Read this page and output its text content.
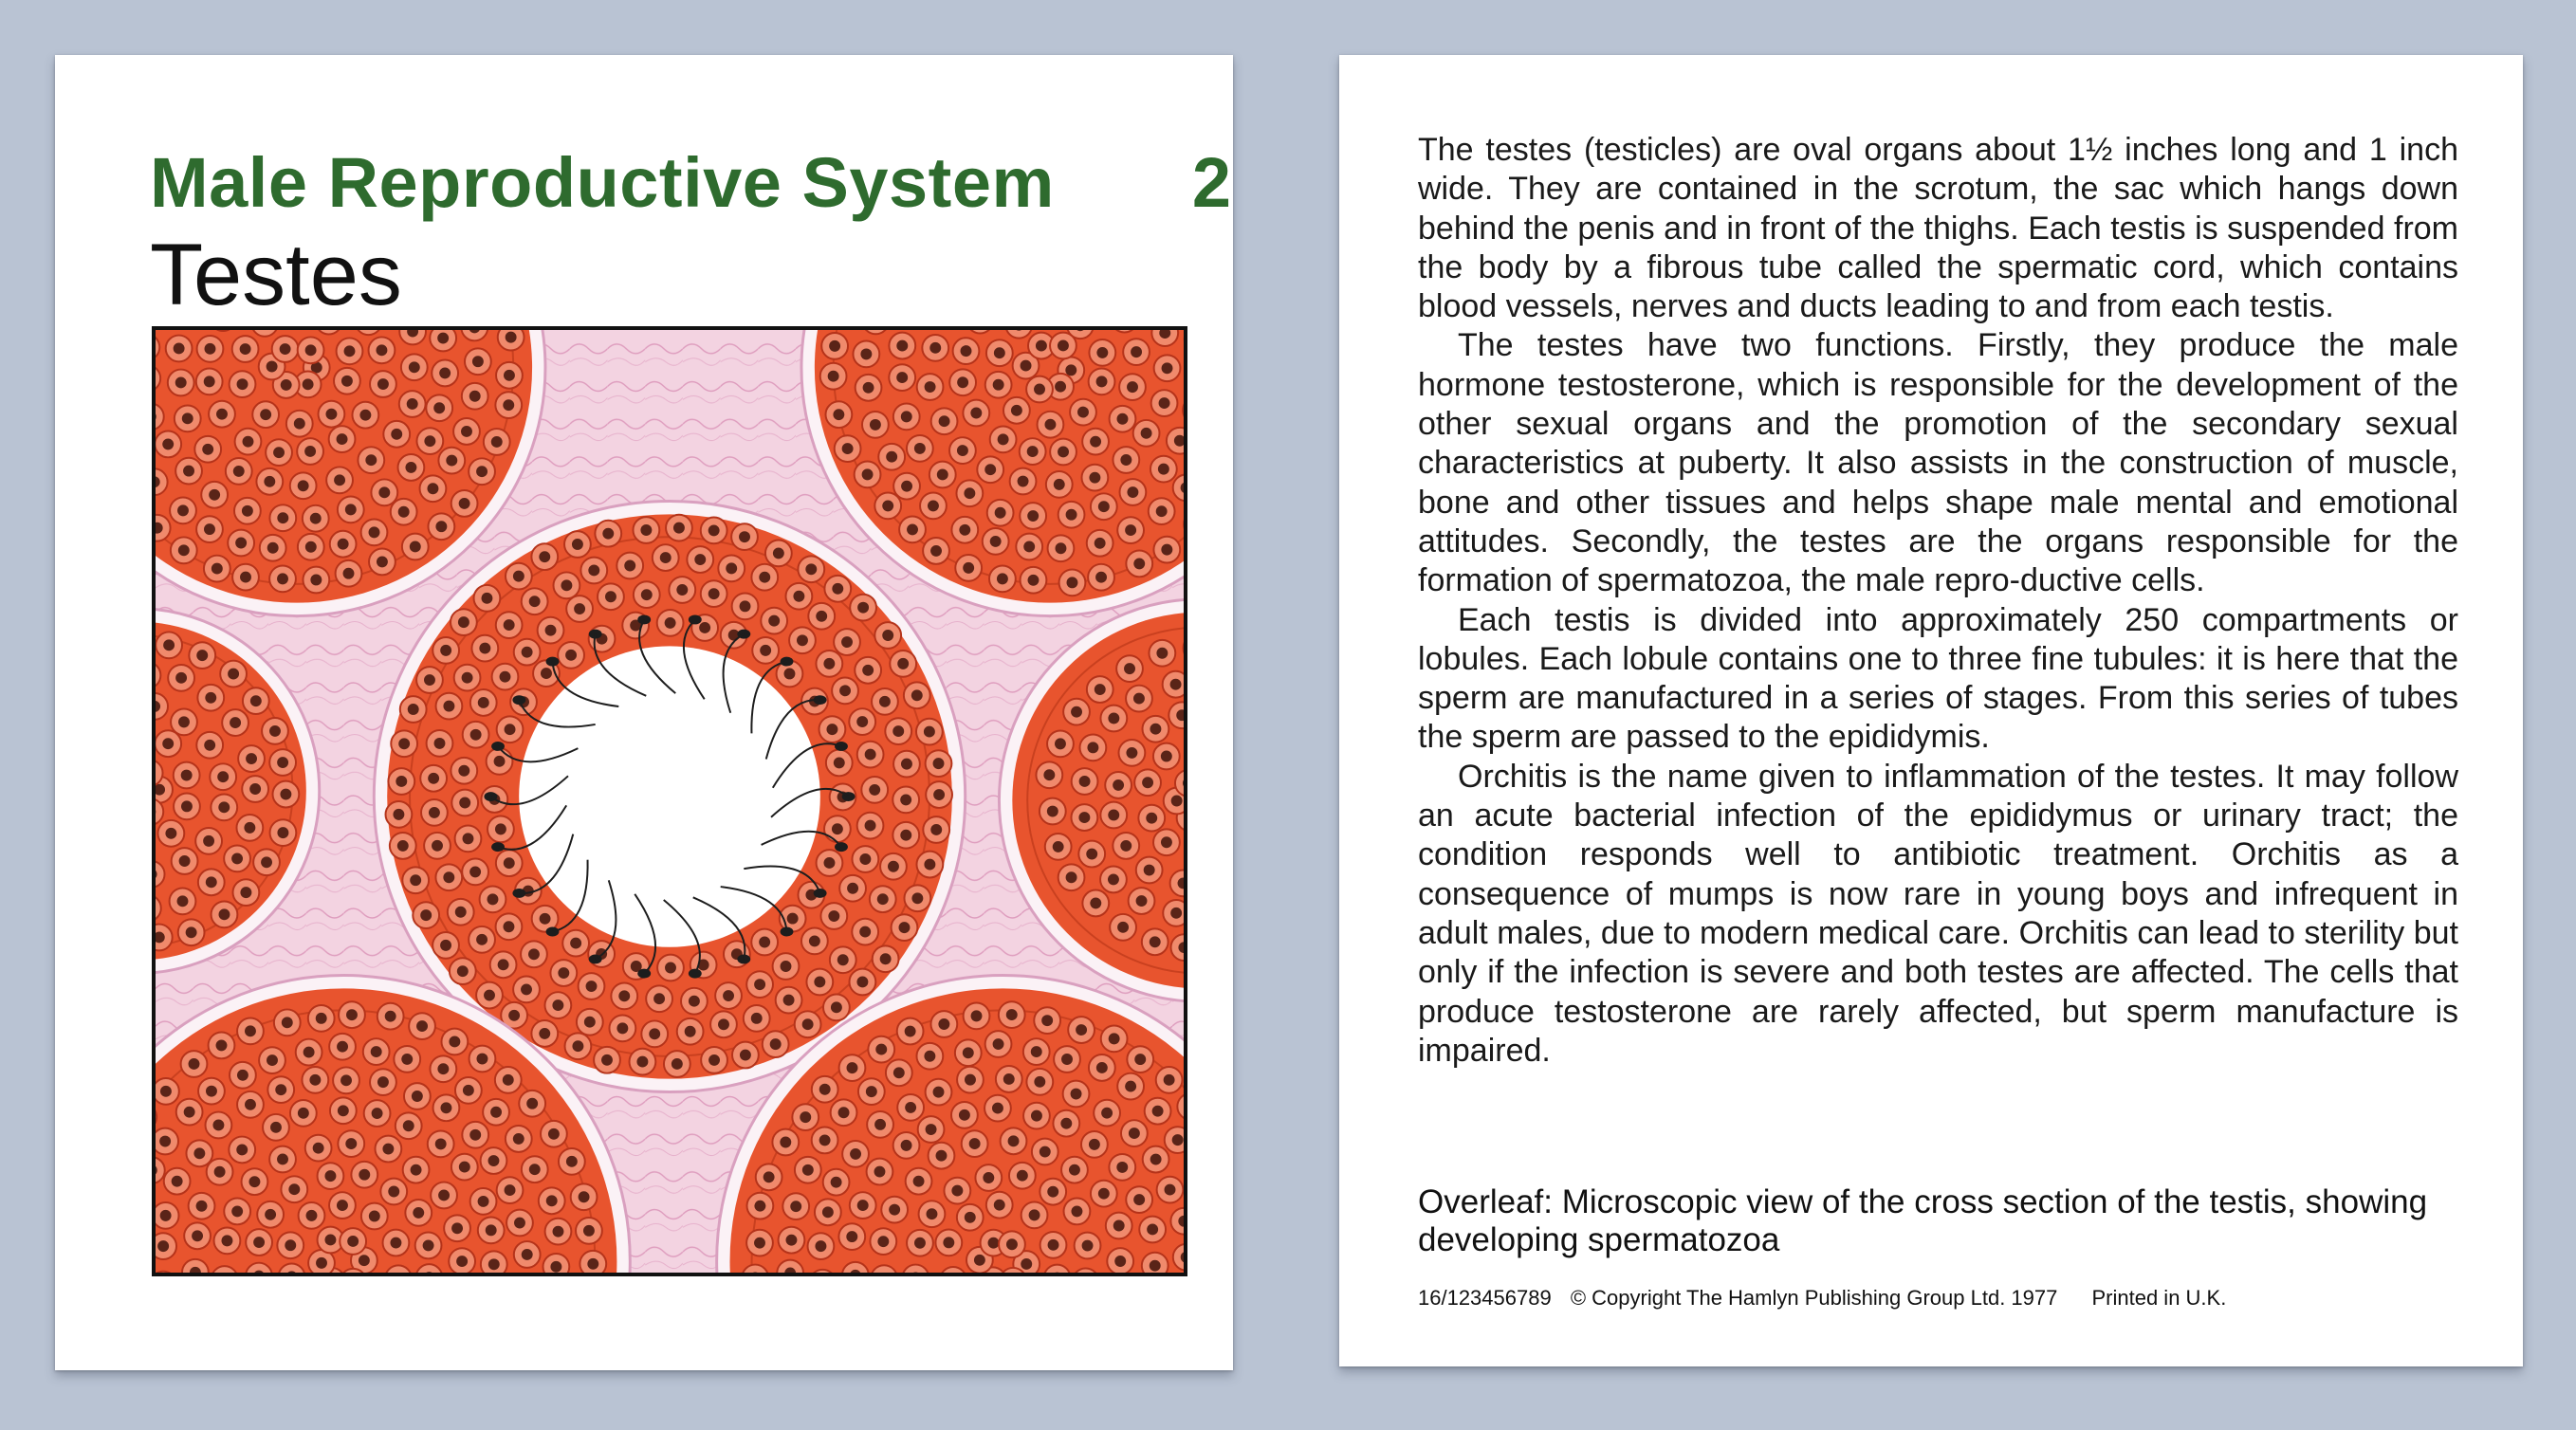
Male Reproductive System	2
Testes

The testes (testicles) are oval organs about 1½ inches long and 1 inch wide. They are contained in the scrotum, the sac which hangs down behind the penis and in front of the thighs. Each testis is suspended from the body by a fibrous tube called the spermatic cord, which contains blood vessels, nerves and ducts leading to and from each testis.

The testes have two functions. Firstly, they produce the male hormone testosterone, which is responsible for the development of the other sexual organs and the promotion of the secondary sexual characteristics at puberty. It also assists in the construction of muscle, bone and other tissues and helps shape male mental and emotional attitudes. Secondly, the testes are the organs responsible for the formation of spermatozoa, the male repro-ductive cells.

Each testis is divided into approximately 250 compartments or lobules. Each lobule contains one to three fine tubules: it is here that the sperm are manufactured in a series of stages. From this series of tubes the sperm are passed to the epididymis.

Orchitis is the name given to inflammation of the testes. It may follow an acute bacterial infection of the epididymus or urinary tract; the condition responds well to antibiotic treatment. Orchitis as a consequence of mumps is now rare in young boys and infrequent in adult males, due to modern medical care. Orchitis can lead to sterility but only if the infection is severe and both testes are affected. The cells that produce testosterone are rarely affected, but sperm manufacture is impaired.

Overleaf: Microscopic view of the cross section of the testis, showing developing spermatozoa
16/123456789 © Copyright The Hamlyn Publishing Group Ltd. 1977 Printed in U.K.
